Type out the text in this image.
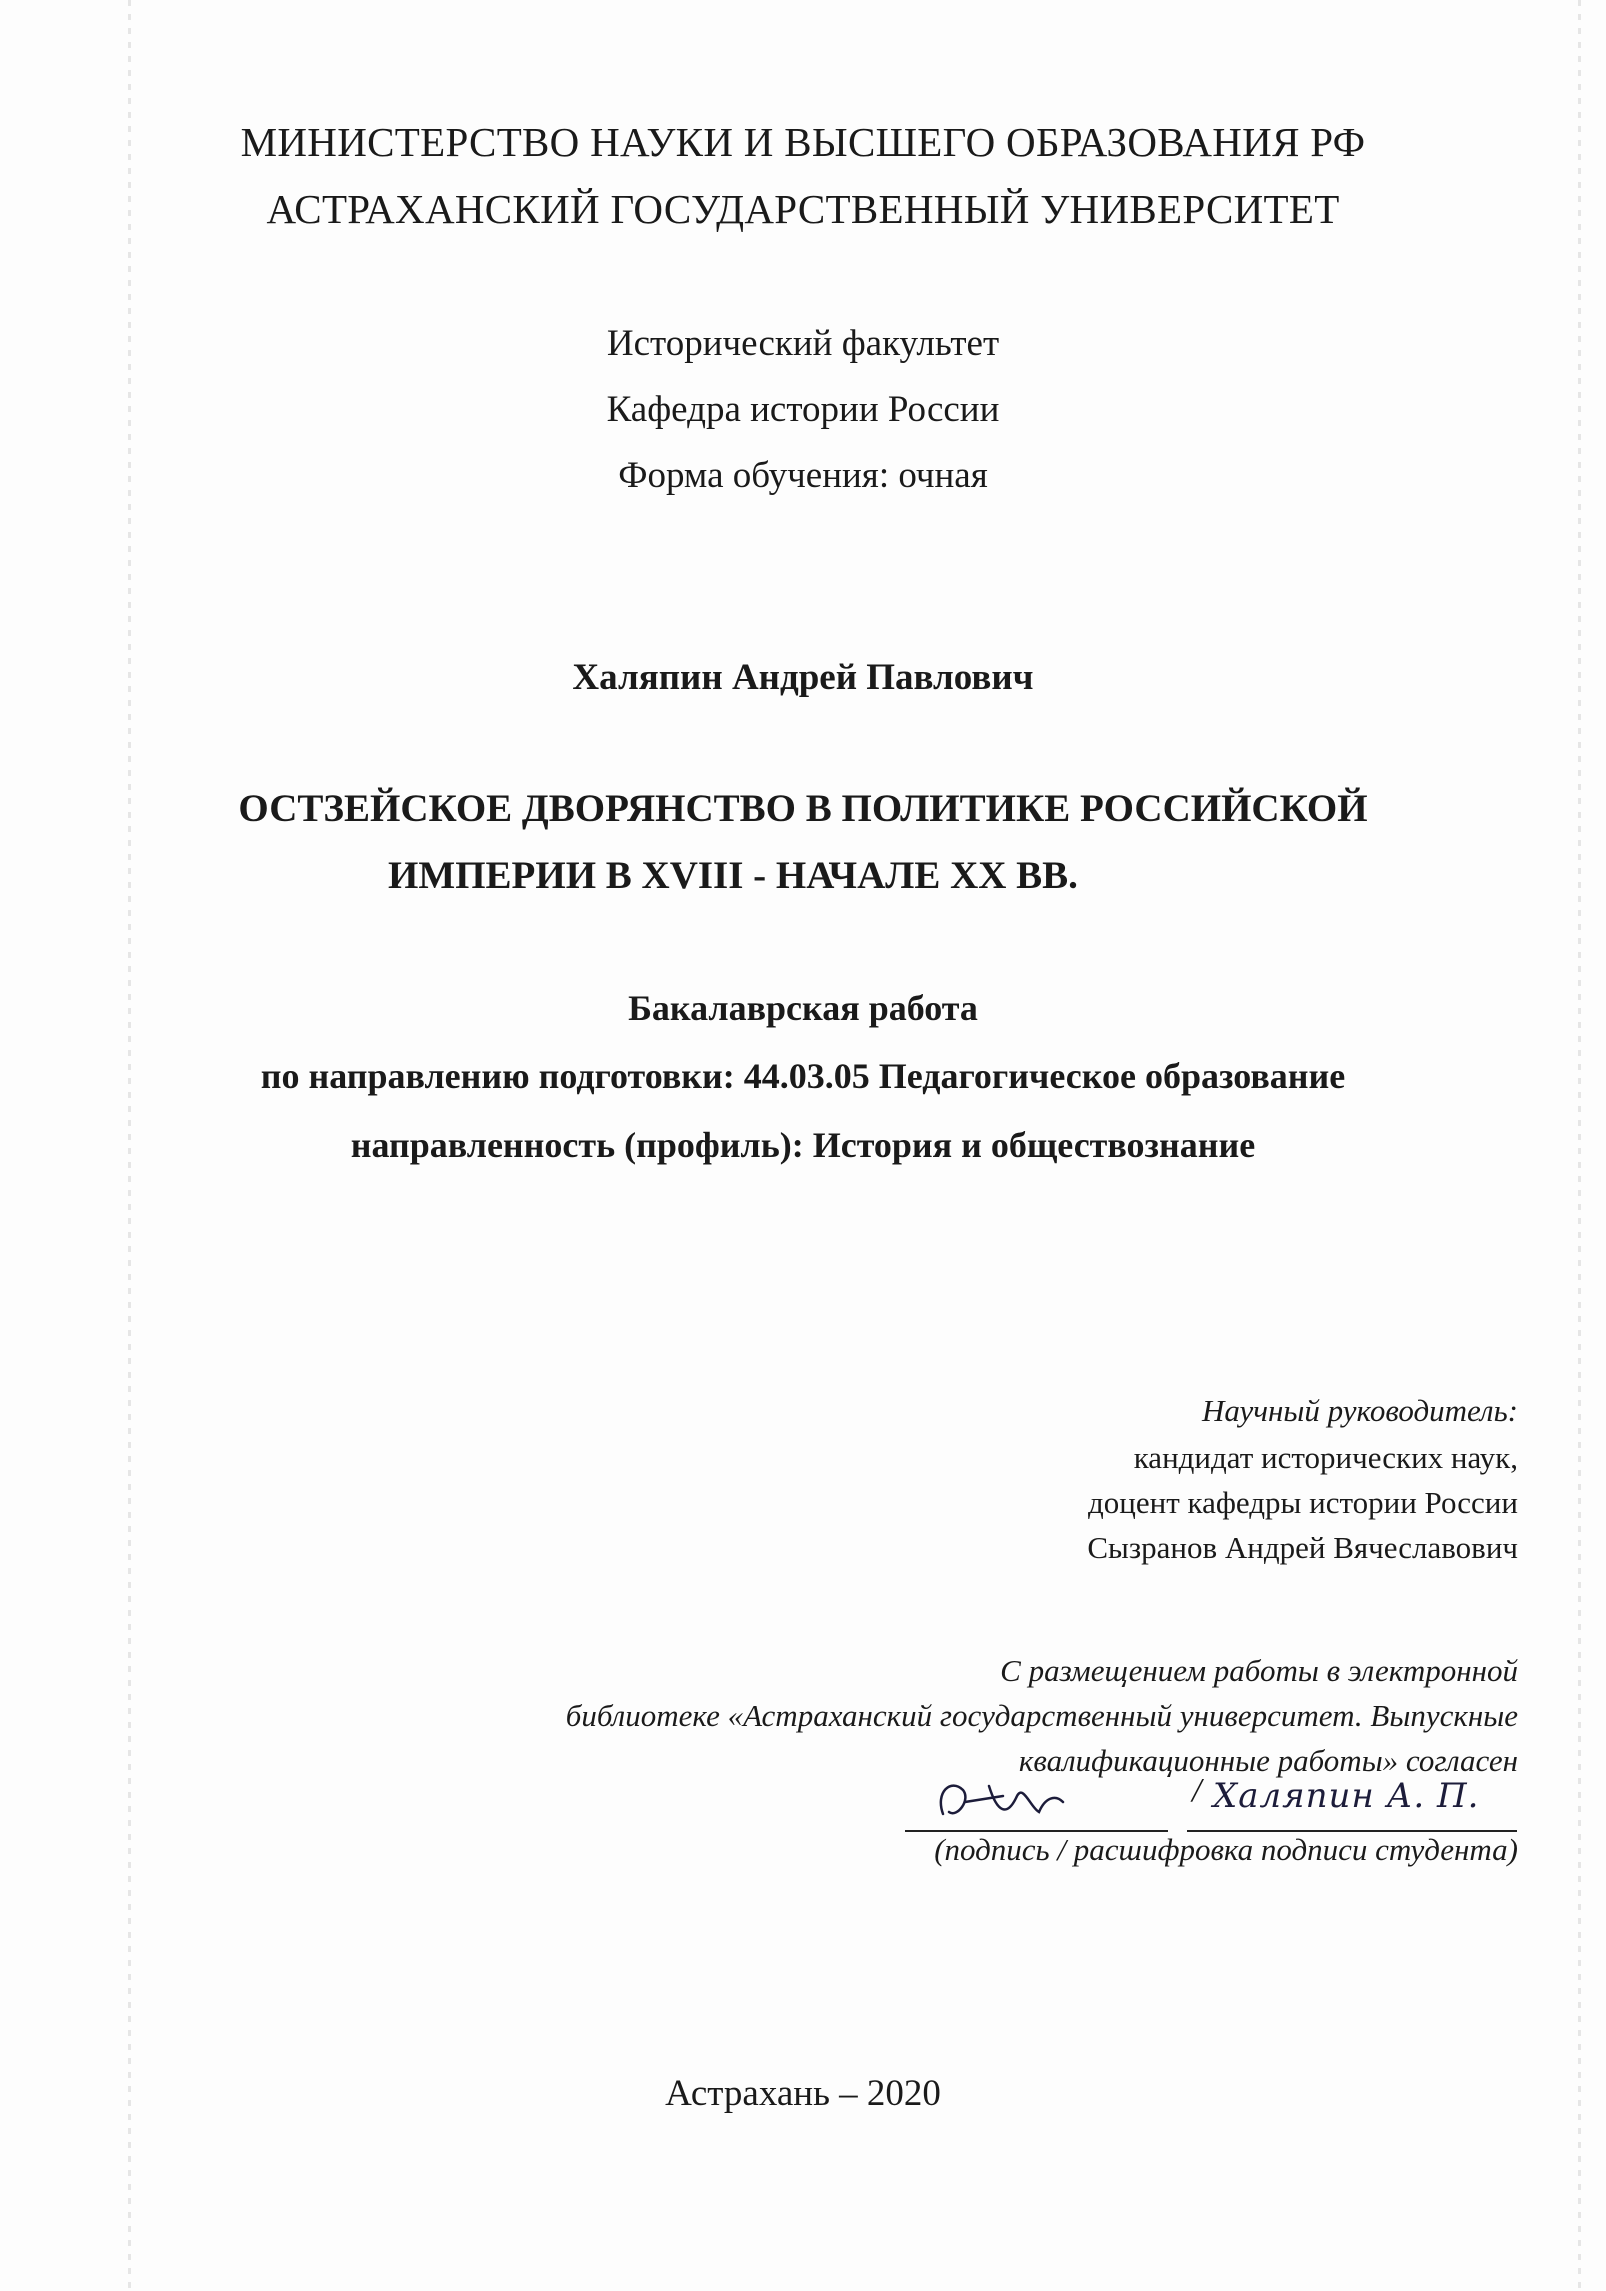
МИНИСТЕРСТВО НАУКИ И ВЫСШЕГО ОБРАЗОВАНИЯ РФ
АСТРАХАНСКИЙ ГОСУДАРСТВЕННЫЙ УНИВЕРСИТЕТ
Исторический факультет
Кафедра истории России
Форма обучения: очная
Халяпин Андрей Павлович
ОСТЗЕЙСКОЕ ДВОРЯНСТВО В ПОЛИТИКЕ РОССИЙСКОЙ
ИМПЕРИИ В XVIII - НАЧАЛЕ XX ВВ.
Бакалаврская работа
по направлению подготовки: 44.03.05 Педагогическое образование
направленность (профиль): История и обществознание
Научный руководитель:
кандидат исторических наук,
доцент кафедры истории России
Сызранов Андрей Вячеславович
С размещением работы в электронной
библиотеке «Астраханский государственный университет. Выпускные
квалификационные работы» согласен
/ Халяпин А. П.
(подпись / расшифровка подписи студента)
Астрахань – 2020
